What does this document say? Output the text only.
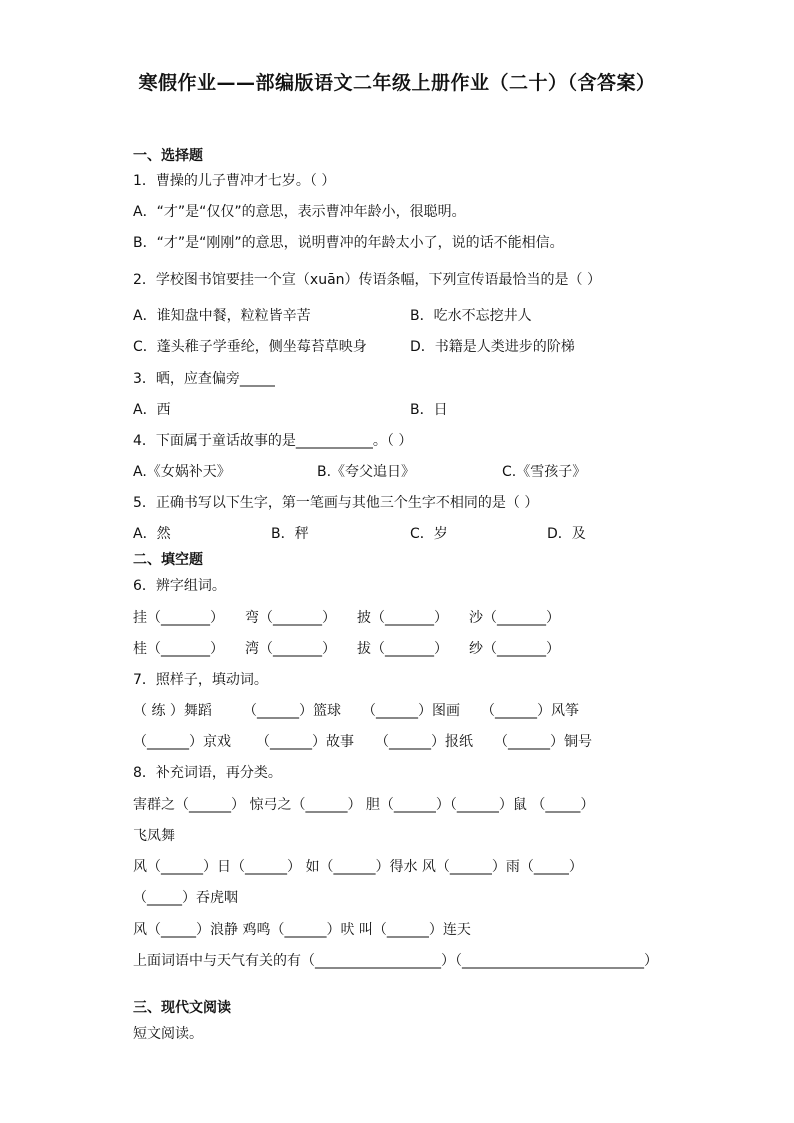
寒假作业——部编版语文二年级上册作业（二十）（含答案）
一、选择题
1．曹操的儿子曹冲才七岁。（ ）
A．“才”是“仅仅”的意思，表示曹冲年龄小，很聪明。
B．“才”是“刚刚”的意思，说明曹冲的年龄太小了，说的话不能相信。
2．学校图书馆要挂一个宣（xuān）传语条幅，下列宣传语最恰当的是（ ）
A．谁知盘中餐，粒粒皆辛苦	B．吃水不忘挖井人
C．蓬头稚子学垂纶，侧坐莓苔草映身	D．书籍是人类进步的阶梯
3．晒，应查偏旁_____
A．西	B．日
4．下面属于童话故事的是___________。（ ）
A.《女娲补天》	B.《夸父追日》	C.《雪孩子》
5．正确书写以下生字，第一笔画与其他三个生字不相同的是（ ）
A．然	B．秤	C．岁	D．及
二、填空题
6．辨字组词。
挂（_______） 弯（_______） 披（_______） 沙（_______）
桂（_______） 湾（_______） 拔（_______） 纱（_______）
7．照样子，填动词。
（ 练 ）舞蹈 （______）篮球 （______）图画 （______）风筝
（______）京戏 （______）故事 （______）报纸 （______）铜号
8．补充词语，再分类。
害群之（______） 惊弓之（______） 胆（______）（______）鼠 （_____）
飞凤舞
风（______）日（______） 如（______）得水 风（______）雨（_____）
（_____）吞虎咽
风（_____）浪静 鸡鸣（______）吠 叫（______）连天
上面词语中与天气有关的有（__________________）（__________________________）
三、现代文阅读
短文阅读。
